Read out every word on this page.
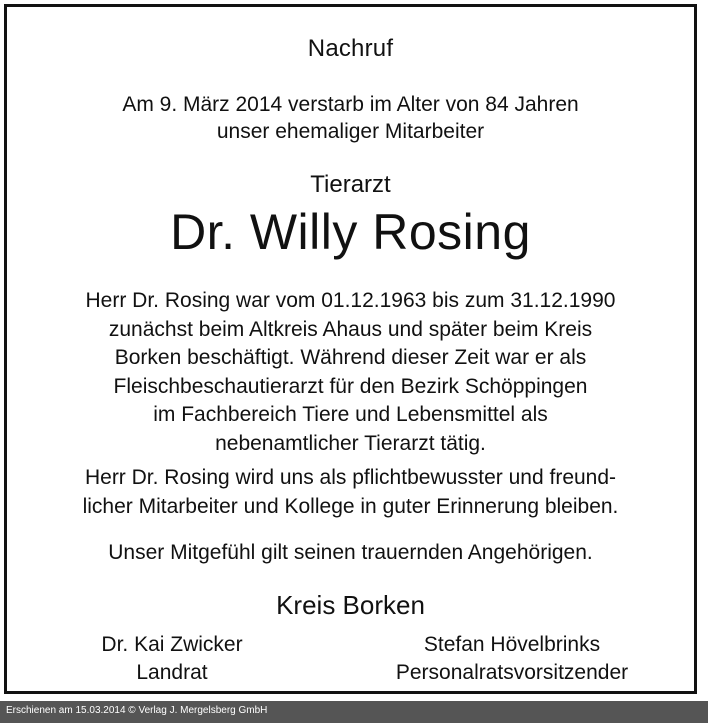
Nachruf
Am 9. März 2014 verstarb im Alter von 84 Jahren
unser ehemaliger Mitarbeiter
Tierarzt
Dr. Willy Rosing
Herr Dr. Rosing war vom 01.12.1963 bis zum 31.12.1990
zunächst beim Altkreis Ahaus und später beim Kreis
Borken beschäftigt. Während dieser Zeit war er als
Fleischbeschautierarzt für den Bezirk Schöppingen
im Fachbereich Tiere und Lebensmittel als
nebenamtlicher Tierarzt tätig.
Herr Dr. Rosing wird uns als pflichtbewusster und freund-
licher Mitarbeiter und Kollege in guter Erinnerung bleiben.
Unser Mitgefühl gilt seinen trauernden Angehörigen.
Kreis Borken
Dr. Kai Zwicker
Landrat
Stefan Hövelbrinks
Personalratsvorsitzender
Erschienen am 15.03.2014 © Verlag J. Mergelsberg GmbH
